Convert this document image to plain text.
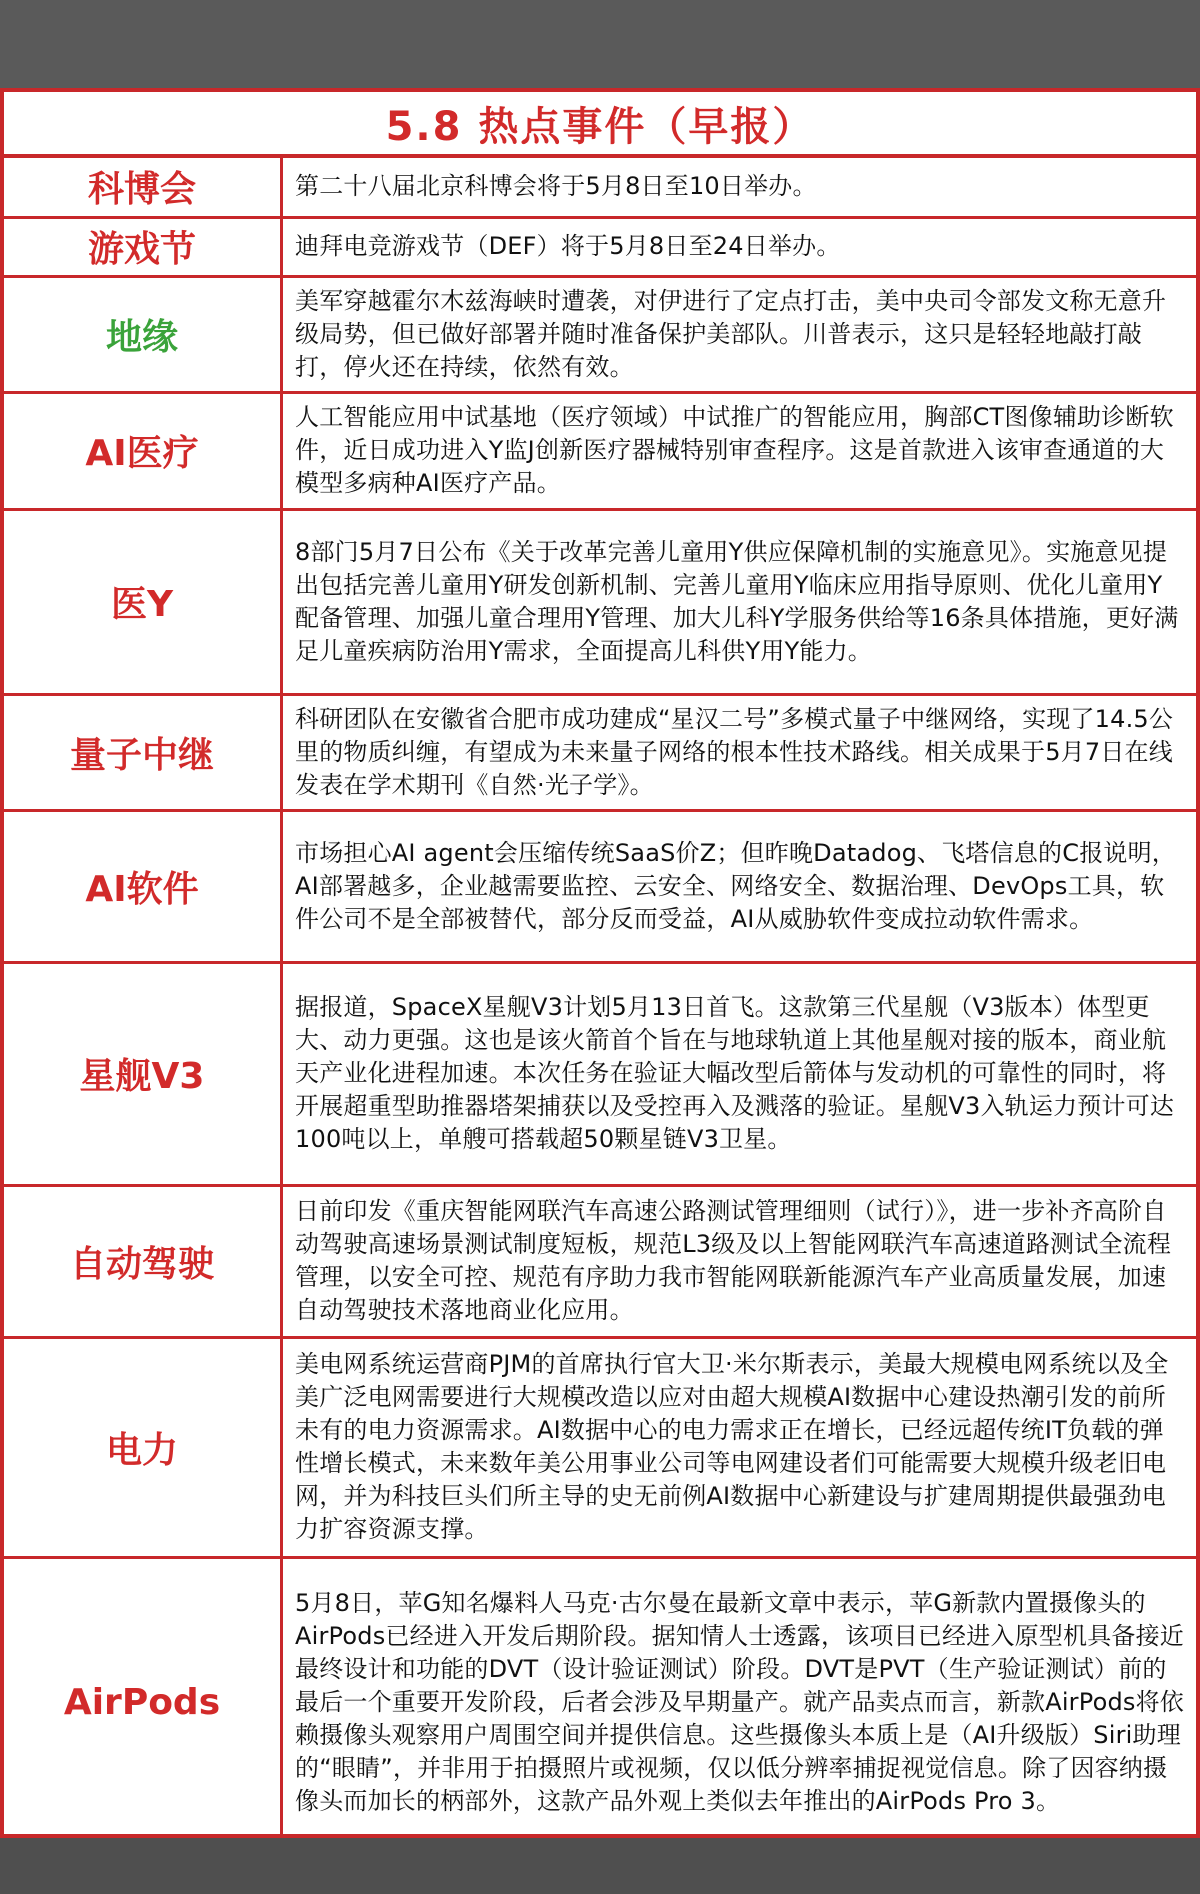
5.8 热点事件（早报）
科博会	第二十八届北京科博会将于5月8日至10日举办。
游戏节	迪拜电竞游戏节（DEF）将于5月8日至24日举办。
地缘	美军穿越霍尔木兹海峡时遭袭，对伊进行了定点打击，美中央司令部发文称无意升级局势，但已做好部署并随时准备保护美部队。川普表示，这只是轻轻地敲打敲打，停火还在持续，依然有效。
AI医疗	人工智能应用中试基地（医疗领域）中试推广的智能应用，胸部CT图像辅助诊断软件，近日成功进入Y监J创新医疗器械特别审查程序。这是首款进入该审查通道的大模型多病种AI医疗产品。
医Y	8部门5月7日公布《关于改革完善儿童用Y供应保障机制的实施意见》。实施意见提出包括完善儿童用Y研发创新机制、完善儿童用Y临床应用指导原则、优化儿童用Y配备管理、加强儿童合理用Y管理、加大儿科Y学服务供给等16条具体措施，更好满足儿童疾病防治用Y需求，全面提高儿科供Y用Y能力。
量子中继	科研团队在安徽省合肥市成功建成“星汉二号”多模式量子中继网络，实现了14.5公里的物质纠缠，有望成为未来量子网络的根本性技术路线。相关成果于5月7日在线发表在学术期刊《自然·光子学》。
AI软件	市场担心AI agent会压缩传统SaaS价Z；但昨晚Datadog、飞塔信息的C报说明，AI部署越多，企业越需要监控、云安全、网络安全、数据治理、DevOps工具，软件公司不是全部被替代，部分反而受益，AI从威胁软件变成拉动软件需求。
星舰V3	据报道，SpaceX星舰V3计划5月13日首飞。这款第三代星舰（V3版本）体型更大、动力更强。这也是该火箭首个旨在与地球轨道上其他星舰对接的版本，商业航天产业化进程加速。本次任务在验证大幅改型后箭体与发动机的可靠性的同时，将开展超重型助推器塔架捕获以及受控再入及溅落的验证。星舰V3入轨运力预计可达100吨以上，单艘可搭载超50颗星链V3卫星。
自动驾驶	日前印发《重庆智能网联汽车高速公路测试管理细则（试行）》，进一步补齐高阶自动驾驶高速场景测试制度短板，规范L3级及以上智能网联汽车高速道路测试全流程管理，以安全可控、规范有序助力我市智能网联新能源汽车产业高质量发展，加速自动驾驶技术落地商业化应用。
电力	美电网系统运营商PJM的首席执行官大卫·米尔斯表示，美最大规模电网系统以及全美广泛电网需要进行大规模改造以应对由超大规模AI数据中心建设热潮引发的前所未有的电力资源需求。AI数据中心的电力需求正在增长，已经远超传统IT负载的弹性增长模式，未来数年美公用事业公司等电网建设者们可能需要大规模升级老旧电网，并为科技巨头们所主导的史无前例AI数据中心新建设与扩建周期提供最强劲电力扩容资源支撑。
AirPods	5月8日，苹G知名爆料人马克·古尔曼在最新文章中表示，苹G新款内置摄像头的AirPods已经进入开发后期阶段。据知情人士透露，该项目已经进入原型机具备接近最终设计和功能的DVT（设计验证测试）阶段。DVT是PVT（生产验证测试）前的最后一个重要开发阶段，后者会涉及早期量产。就产品卖点而言，新款AirPods将依赖摄像头观察用户周围空间并提供信息。这些摄像头本质上是（AI升级版）Siri助理的“眼睛”，并非用于拍摄照片或视频，仅以低分辨率捕捉视觉信息。除了因容纳摄像头而加长的柄部外，这款产品外观上类似去年推出的AirPods Pro 3。
